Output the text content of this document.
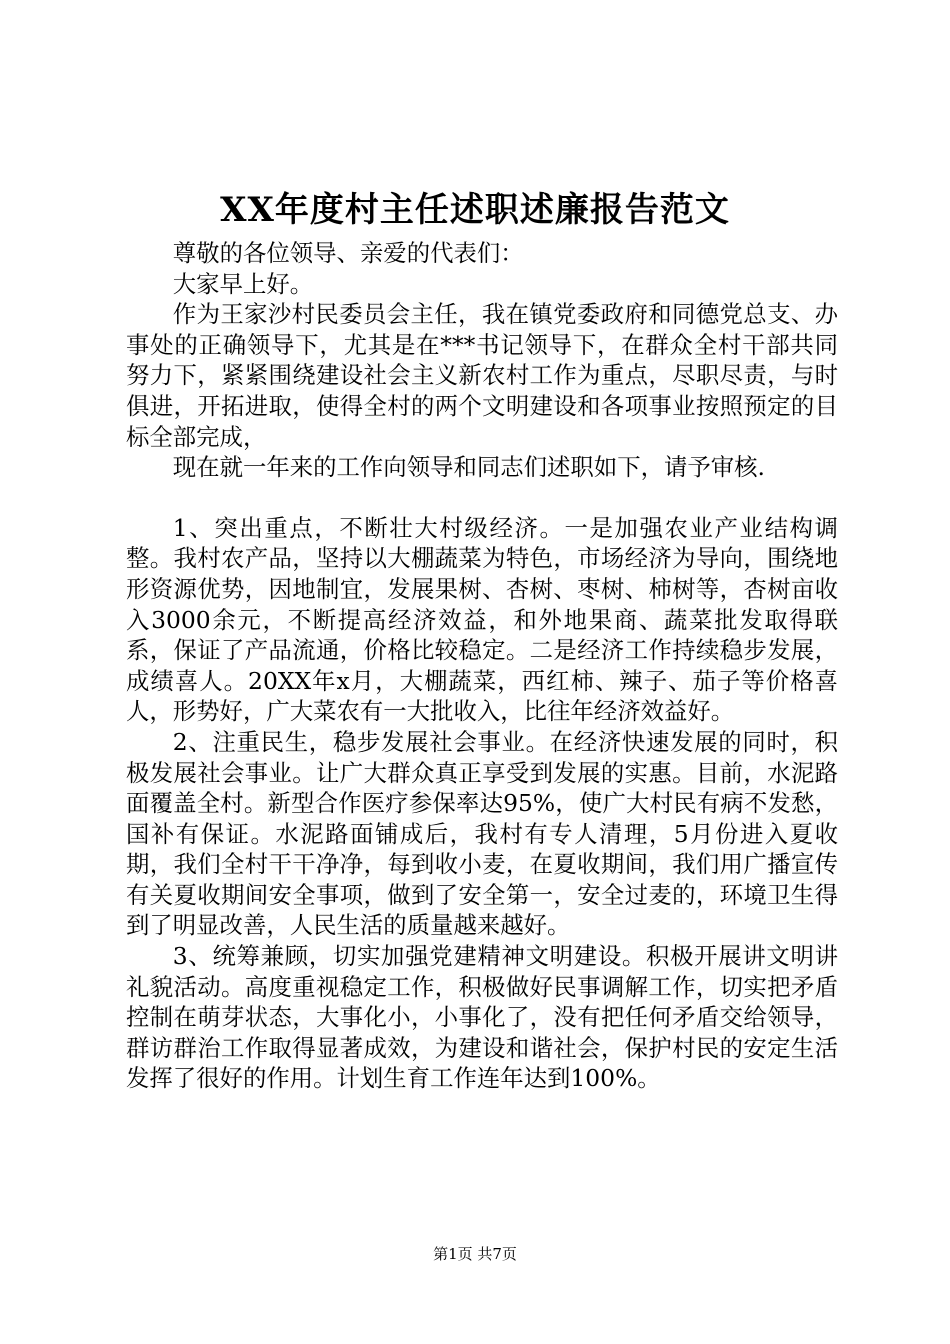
XX年度村主任述职述廉报告范文

尊敬的各位领导、亲爱的代表们：

大家早上好。

作为王家沙村民委员会主任，我在镇党委政府和同德党总支、办事处的正确领导下，尤其是在***书记领导下，在群众全村干部共同努力下，紧紧围绕建设社会主义新农村工作为重点，尽职尽责，与时俱进，开拓进取，使得全村的两个文明建设和各项事业按照预定的目标全部完成，

现在就一年来的工作向领导和同志们述职如下，请予审核.

1、突出重点，不断壮大村级经济。一是加强农业产业结构调整。我村农产品，坚持以大棚蔬菜为特色，市场经济为导向，围绕地形资源优势，因地制宜，发展果树、杏树、枣树、柿树等，杏树亩收入3000余元，不断提高经济效益，和外地果商、蔬菜批发取得联系，保证了产品流通，价格比较稳定。二是经济工作持续稳步发展，成绩喜人。20XX年x月，大棚蔬菜，西红柿、辣子、茄子等价格喜人，形势好，广大菜农有一大批收入，比往年经济效益好。

2、注重民生，稳步发展社会事业。在经济快速发展的同时，积极发展社会事业。让广大群众真正享受到发展的实惠。目前，水泥路面覆盖全村。新型合作医疗参保率达95%，使广大村民有病不发愁，国补有保证。水泥路面铺成后，我村有专人清理，5月份进入夏收期，我们全村干干净净，每到收小麦，在夏收期间，我们用广播宣传有关夏收期间安全事项，做到了安全第一，安全过麦的，环境卫生得到了明显改善，人民生活的质量越来越好。

3、统筹兼顾，切实加强党建精神文明建设。积极开展讲文明讲礼貌活动。高度重视稳定工作，积极做好民事调解工作，切实把矛盾控制在萌芽状态，大事化小，小事化了，没有把任何矛盾交给领导，群访群治工作取得显著成效，为建设和谐社会，保护村民的安定生活发挥了很好的作用。计划生育工作连年达到100%。

第1页 共7页
